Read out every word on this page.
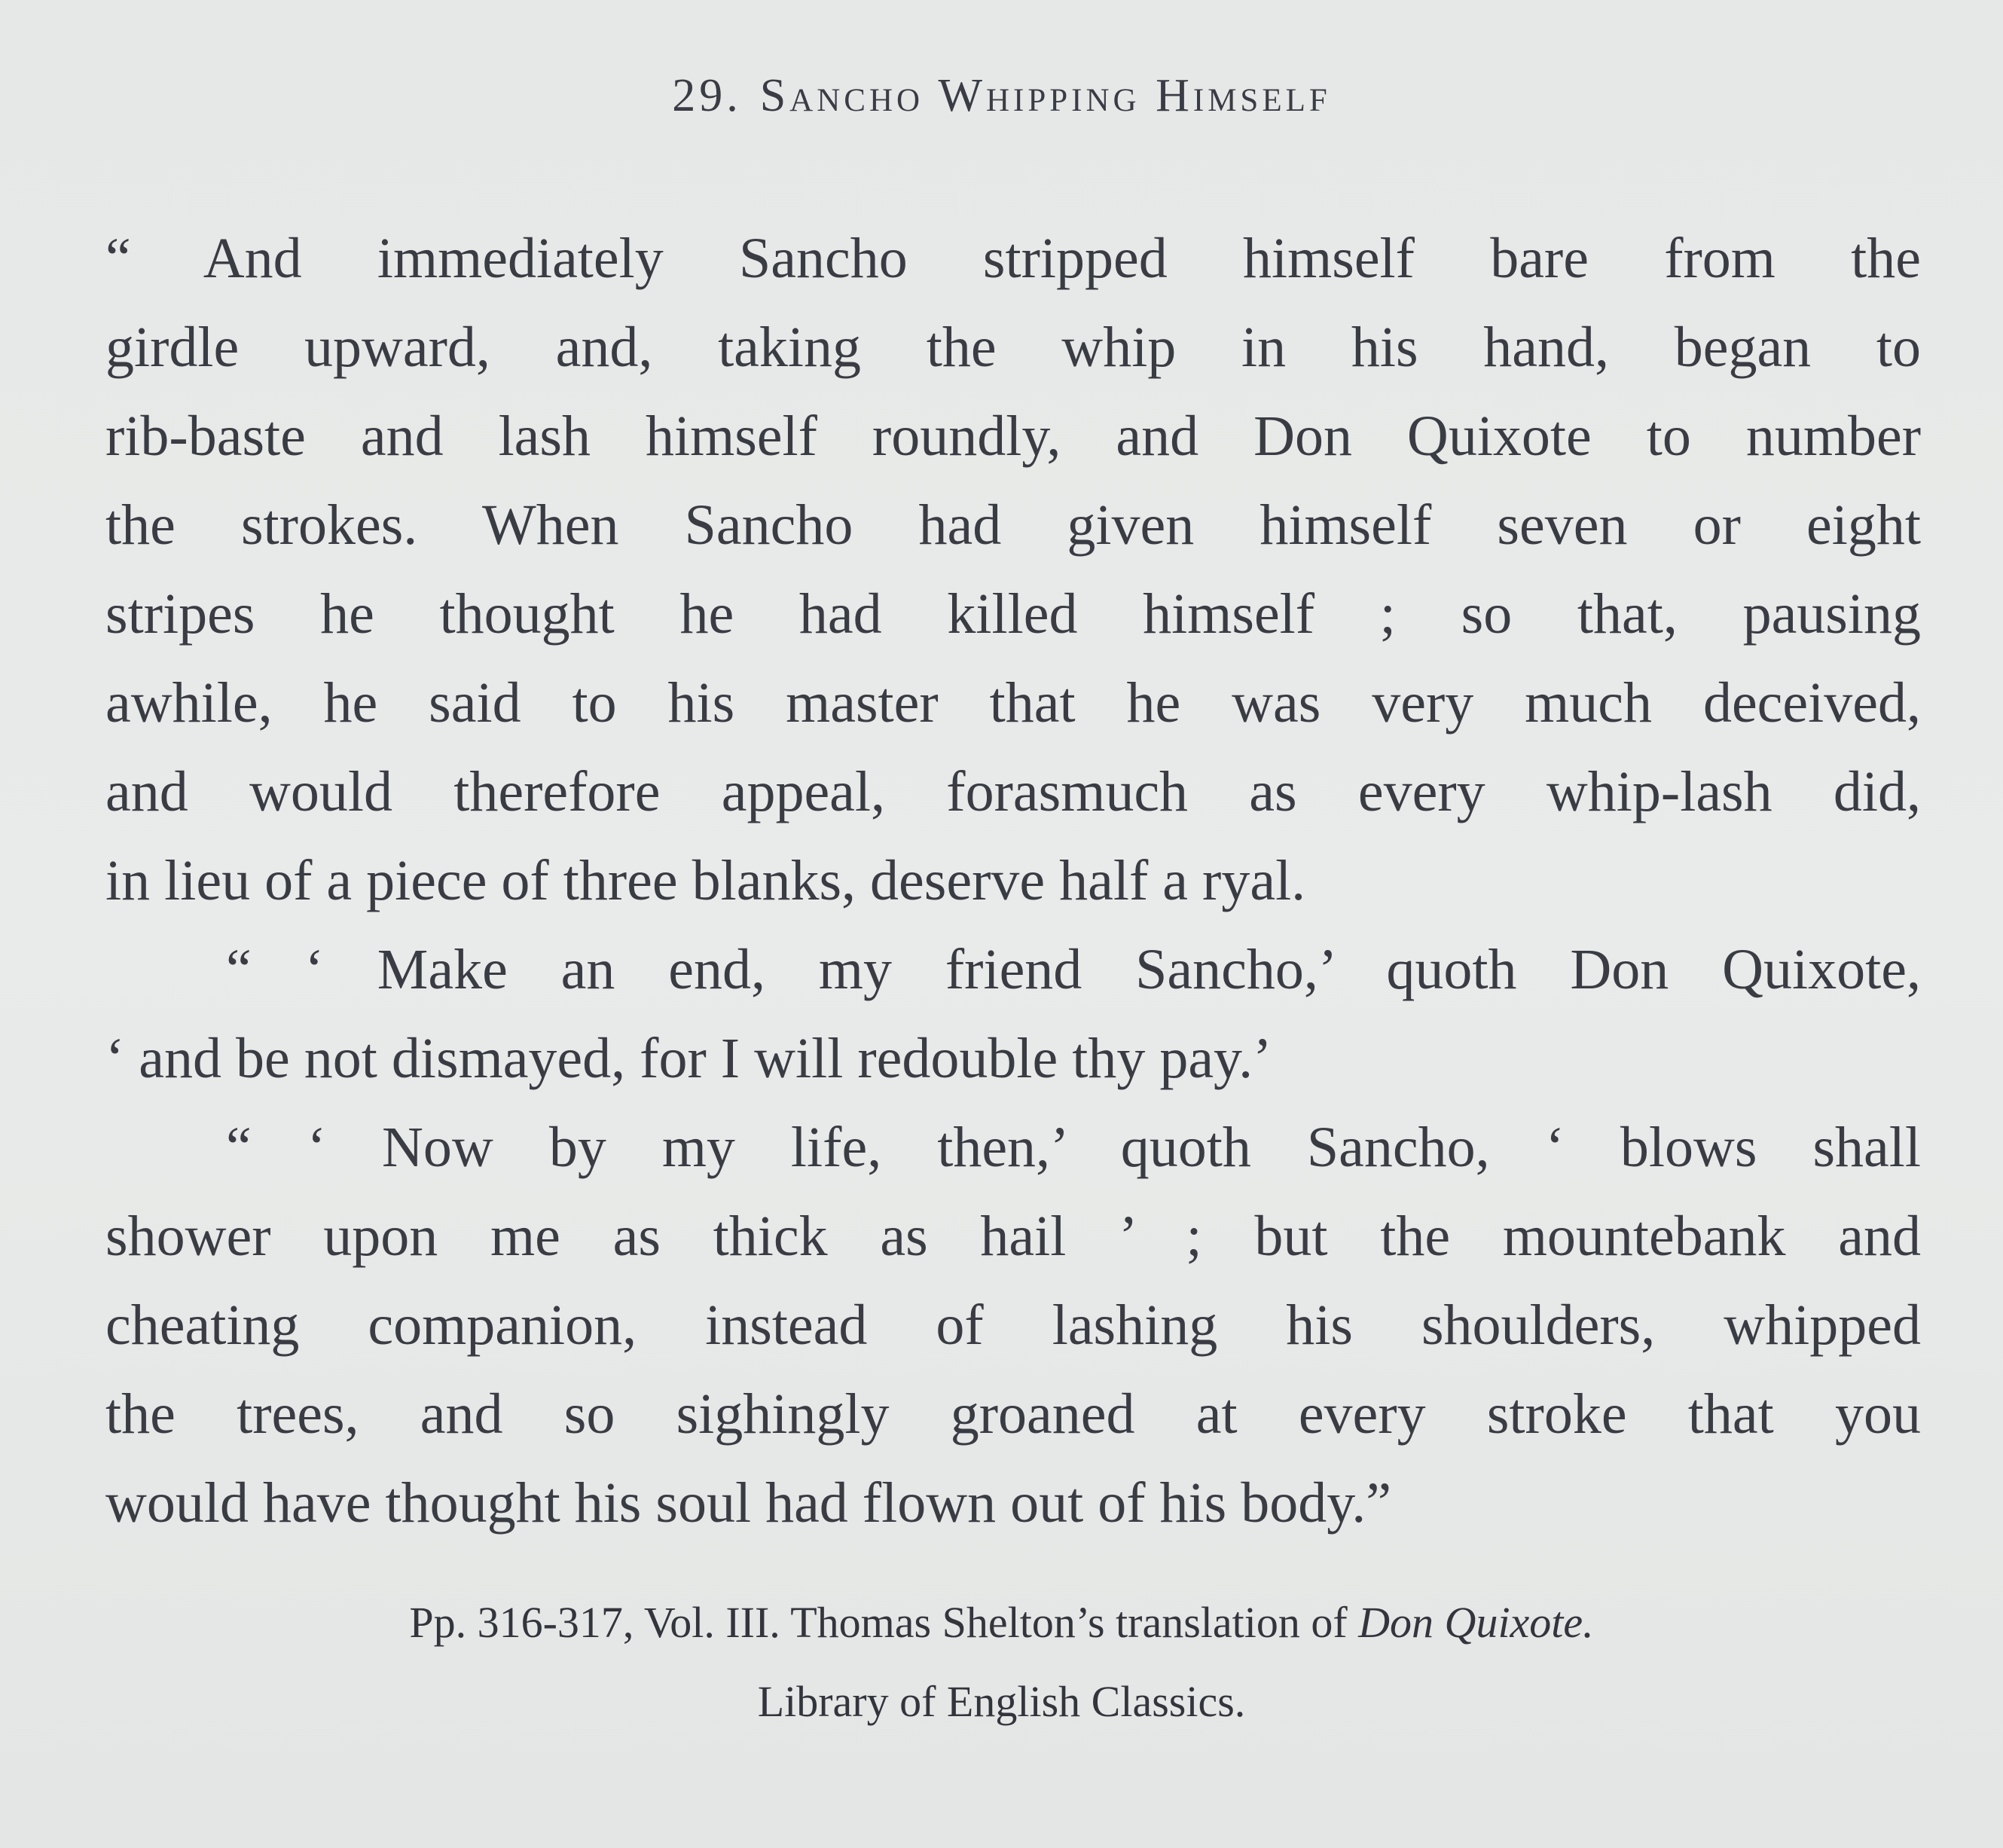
29. Sancho Whipping Himself
“ And immediately Sancho stripped himself bare from the
girdle upward, and, taking the whip in his hand, began to
rib-baste and lash himself roundly, and Don Quixote to number
the strokes. When Sancho had given himself seven or eight
stripes he thought he had killed himself ; so that, pausing
awhile, he said to his master that he was very much deceived,
and would therefore appeal, forasmuch as every whip-lash did,
in lieu of a piece of three blanks, deserve half a ryal.
“ ‘ Make an end, my friend Sancho,’ quoth Don Quixote,
‘ and be not dismayed, for I will redouble thy pay.’
“ ‘ Now by my life, then,’ quoth Sancho, ‘ blows shall
shower upon me as thick as hail ’ ; but the mountebank and
cheating companion, instead of lashing his shoulders, whipped
the trees, and so sighingly groaned at every stroke that you
would have thought his soul had flown out of his body.”
Pp. 316-317, Vol. III. Thomas Shelton’s translation of Don Quixote.
Library of English Classics.
